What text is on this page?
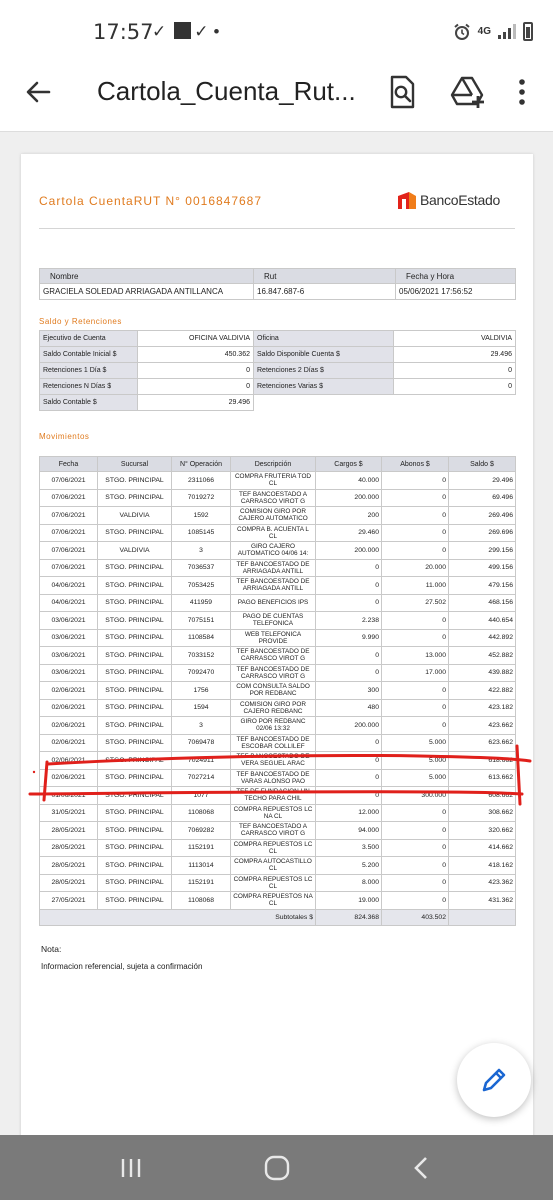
17:57
✓ ✓•	4G
Cartola_Cuenta_Rut...
Cartola CuentaRUT N° 0016847687	BancoEstado
Nombre	Rut	Fecha y Hora
GRACIELA SOLEDAD ARRIAGADA ANTILLANCA	16.847.687-6	05/06/2021 17:56:52
Saldo y Retenciones
Ejecutivo de Cuenta	OFICINA VALDIVIA	Oficina	VALDIVIA
Saldo Contable Inicial $	450.362	Saldo Disponible Cuenta $	29.496
Retenciones 1 Día $	0	Retenciones 2 Días $	0
Retenciones N Días $	0	Retenciones Varias $	0
Saldo Contable $	29.496		
Movimientos
Fecha	Sucursal	N° Operación	Descripción	Cargos $	Abonos $	Saldo $
07/06/2021	STGO. PRINCIPAL	2311066	COMPRA FRUTERIA TOD CL	40.000	0	29.496
07/06/2021	STGO. PRINCIPAL	7019272	TEF BANCOESTADO A CARRASCO VIROT G	200.000	0	69.496
07/06/2021	VALDIVIA	1592	COMISION GIRO POR CAJERO AUTOMATICO	200	0	269.496
07/06/2021	STGO. PRINCIPAL	1085145	COMPRA B. ACUENTA L CL	29.460	0	269.696
07/06/2021	VALDIVIA	3	GIRO CAJERO AUTOMATICO 04/06 14:	200.000	0	299.156
07/06/2021	STGO. PRINCIPAL	7036537	TEF BANCOESTADO DE ARRIAGADA ANTILL	0	20.000	499.156
04/06/2021	STGO. PRINCIPAL	7053425	TEF BANCOESTADO DE ARRIAGADA ANTILL	0	11.000	479.156
04/06/2021	STGO. PRINCIPAL	411959	PAGO BENEFICIOS IPS	0	27.502	468.156
03/06/2021	STGO. PRINCIPAL	7075151	PAGO DE CUENTAS TELEFONICA	2.238	0	440.654
03/06/2021	STGO. PRINCIPAL	1108584	WEB TELEFONICA PROVIDE	9.990	0	442.892
03/06/2021	STGO. PRINCIPAL	7033152	TEF BANCOESTADO DE CARRASCO VIROT G	0	13.000	452.882
03/06/2021	STGO. PRINCIPAL	7092470	TEF BANCOESTADO DE CARRASCO VIROT G	0	17.000	439.882
02/06/2021	STGO. PRINCIPAL	1756	COM CONSULTA SALDO POR REDBANC	300	0	422.882
02/06/2021	STGO. PRINCIPAL	1594	COMISION GIRO POR CAJERO REDBANC	480	0	423.182
02/06/2021	STGO. PRINCIPAL	3	GIRO POR REDBANC 02/06 13:32	200.000	0	423.662
02/06/2021	STGO. PRINCIPAL	7069478	TEF BANCOESTADO DE ESCOBAR COLLILEF	0	5.000	623.662
02/06/2021	STGO. PRINCIPAL	7024911	TEF BANCOESTADO DE VERA SEGUEL ARAC	0	5.000	618.662
02/06/2021	STGO. PRINCIPAL	7027214	TEF BANCOESTADO DE VARAS ALONSO PAO	0	5.000	613.662
01/06/2021	STGO. PRINCIPAL	1077	TEF DE FUNDACION UN TECHO PARA CHIL	0	300.000	608.662
31/05/2021	STGO. PRINCIPAL	1108068	COMPRA REPUESTOS LC NA CL	12.000	0	308.662
28/05/2021	STGO. PRINCIPAL	7069282	TEF BANCOESTADO A CARRASCO VIROT G	94.000	0	320.662
28/05/2021	STGO. PRINCIPAL	1152191	COMPRA REPUESTOS LC CL	3.500	0	414.662
28/05/2021	STGO. PRINCIPAL	1113014	COMPRA AUTOCASTILLO CL	5.200	0	418.162
28/05/2021	STGO. PRINCIPAL	1152191	COMPRA REPUESTOS LC CL	8.000	0	423.362
27/05/2021	STGO. PRINCIPAL	1108068	COMPRA REPUESTOS NA CL	19.000	0	431.362
Subtotales $				824.368	403.502	
Nota:
Informacion referencial, sujeta a confirmación
